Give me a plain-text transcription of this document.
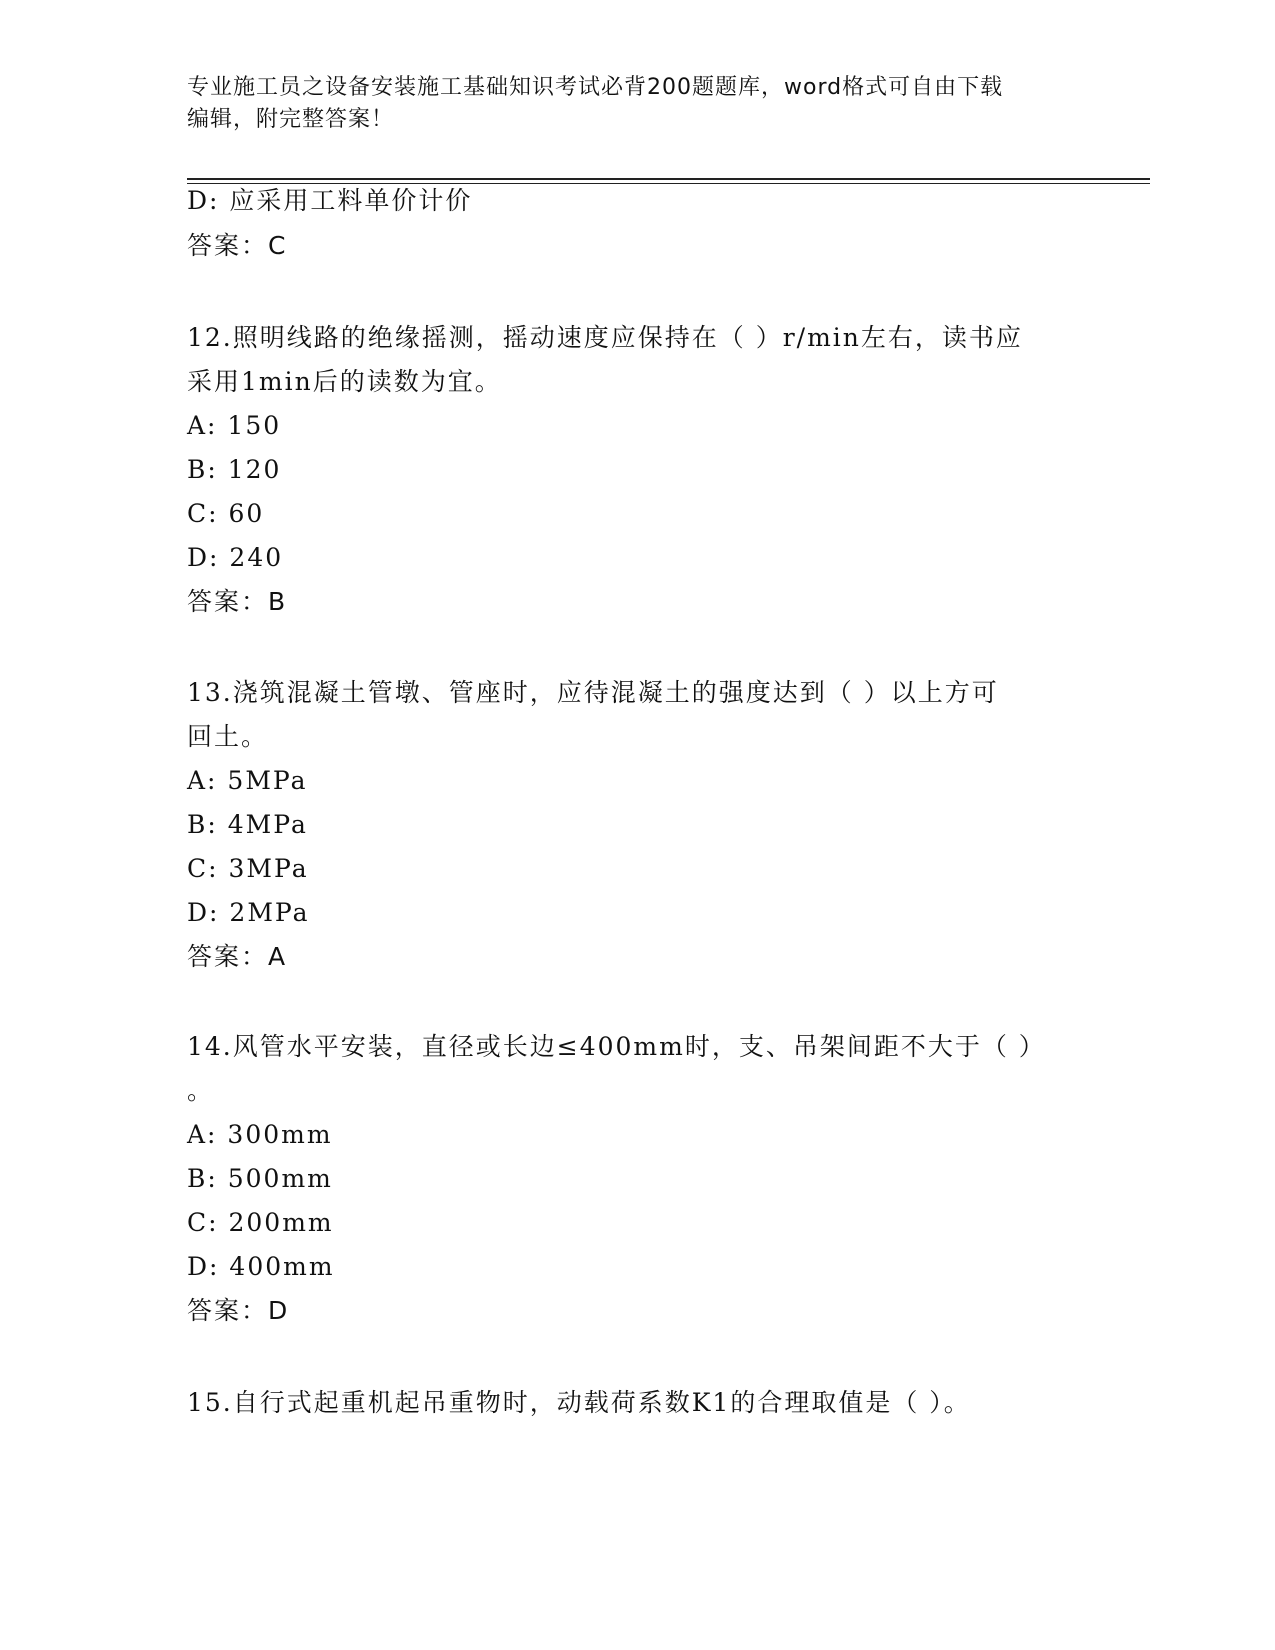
专业施工员之设备安装施工基础知识考试必背200题题库，word格式可自由下载
编辑，附完整答案！
D: 应采用工料单价计价
答案：C
12.照明线路的绝缘摇测，摇动速度应保持在（ ）r/min左右，读书应
采用1min后的读数为宜。
A: 150
B: 120
C: 60
D: 240
答案：B
13.浇筑混凝土管墩、管座时，应待混凝土的强度达到（ ）以上方可
回土。
A: 5MPa
B: 4MPa
C: 3MPa
D: 2MPa
答案：A
14.风管水平安装，直径或长边≤400mm时，支、吊架间距不大于（ ）
。
A: 300mm
B: 500mm
C: 200mm
D: 400mm
答案：D
15.自行式起重机起吊重物时，动载荷系数K1的合理取值是（ ）。
